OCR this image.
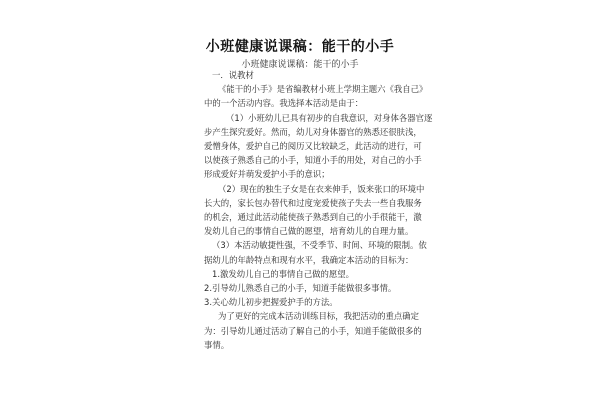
小班健康说课稿：能干的小手
小班健康说课稿：能干的小手

一．说教材

《能干的小手》是省编教材小班上学期主题六《我自己》

中的一个活动内容。我选择本活动是由于：

（1）小班幼儿已具有初步的自我意识，对身体各器官逐

步产生探究爱好。然而，幼儿对身体器官的熟悉还很肤浅，

爱憎身体，爱护自己的阅历又比较缺乏，此活动的进行，可

以使孩子熟悉自己的小手，知道小手的用处，对自己的小手

形成爱好并萌发爱护小手的意识；

（2）现在的独生子女是在衣来伸手，饭来张口的环境中

长大的，家长包办替代和过度宠爱使孩子失去一些自我服务

的机会，通过此活动能使孩子熟悉到自己的小手很能干，激

发幼儿自己的事情自己做的愿望，培育幼儿的自理力量。

（3）本活动敏捷性强，不受季节、时间、环境的限制。依

据幼儿的年龄特点和现有水平，我确定本活动的目标为：

1.激发幼儿自己的事情自己做的愿望。

2.引导幼儿熟悉自己的小手，知道手能做很多事情。

3.关心幼儿初步把握爱护手的方法。

为了更好的完成本活动训练目标，我把活动的重点确定

为：引导幼儿通过活动了解自己的小手，知道手能做很多的

事情。
